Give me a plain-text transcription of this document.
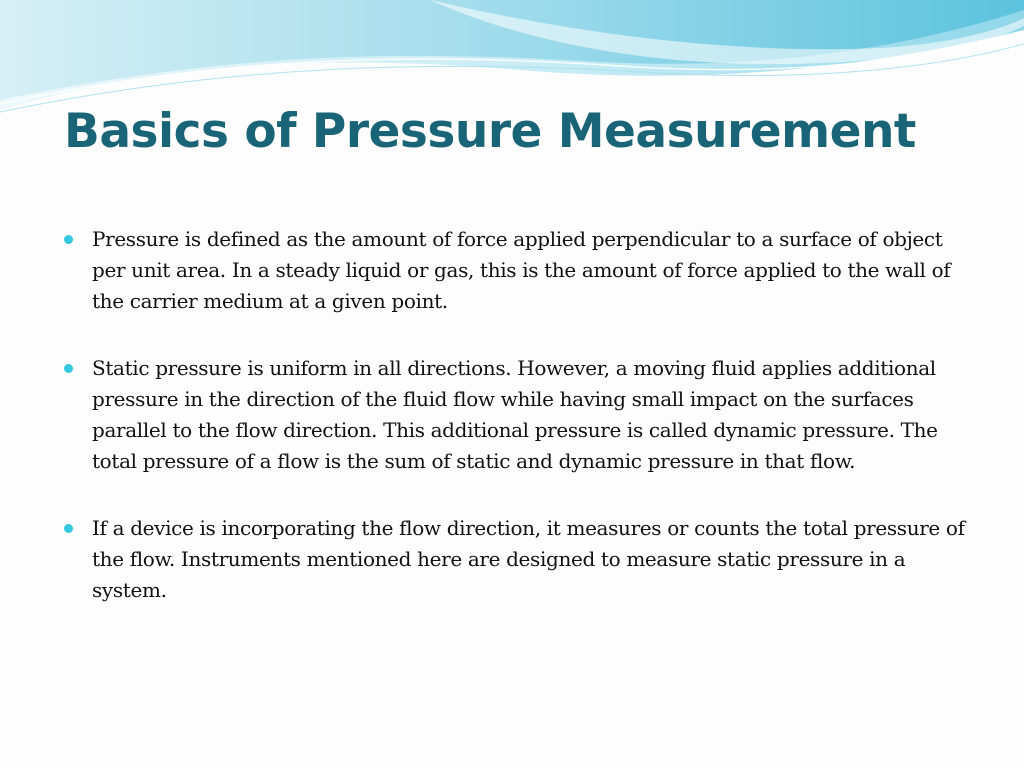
Basics of Pressure Measurement
Pressure is defined as the amount of force applied perpendicular to a surface of object per unit area. In a steady liquid or gas, this is the amount of force applied to the wall of the carrier medium at a given point.
Static pressure is uniform in all directions. However, a moving fluid applies additional pressure in the direction of the fluid flow while having small impact on the surfaces parallel to the flow direction. This additional pressure is called dynamic pressure. The total pressure of a flow is the sum of static and dynamic pressure in that flow.
If a device is incorporating the flow direction, it measures or counts the total pressure of the flow. Instruments mentioned here are designed to measure static pressure in a system.
